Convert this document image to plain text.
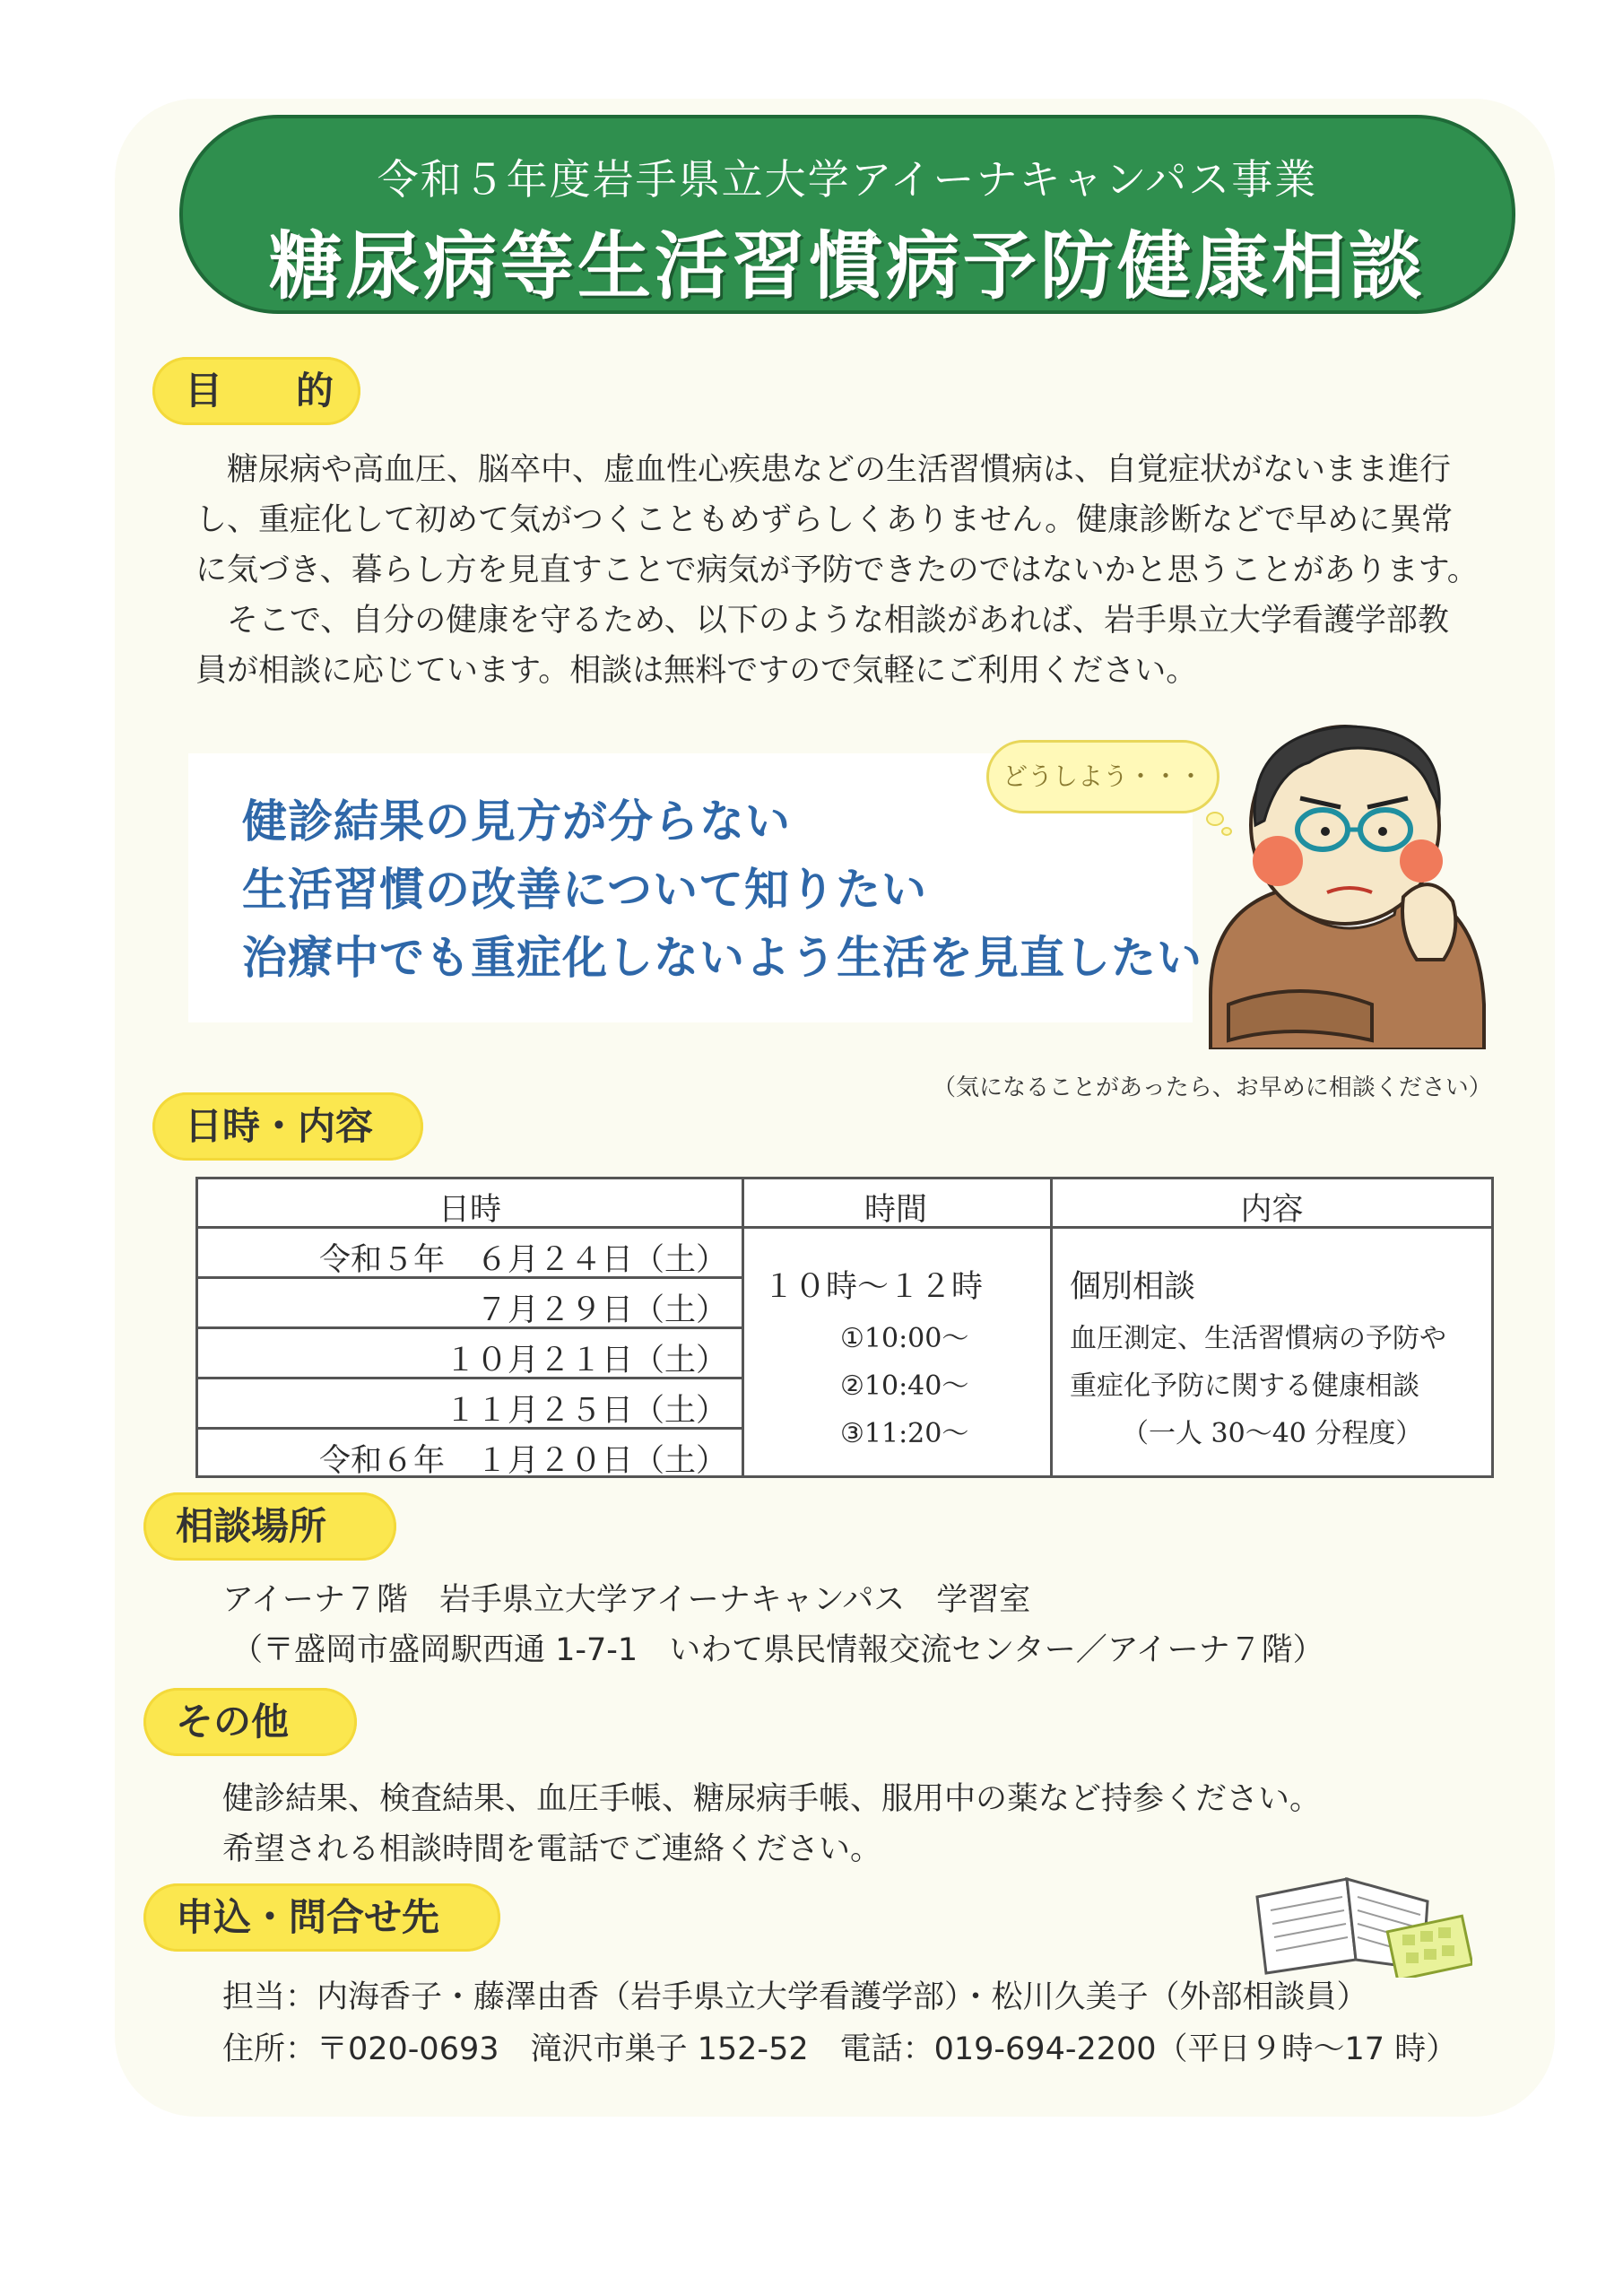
令和５年度岩手県立大学アイーナキャンパス事業
糖尿病等生活習慣病予防健康相談
目　的

糖尿病や高血圧、脳卒中、虚血性心疾患などの生活習慣病は、自覚症状がないまま進行

し、重症化して初めて気がつくこともめずらしくありません。健康診断などで早めに異常

に気づき、暮らし方を見直すことで病気が予防できたのではないかと思うことがあります。

そこで、自分の健康を守るため、以下のような相談があれば、岩手県立大学看護学部教

員が相談に応じています。相談は無料ですので気軽にご利用ください。

健診結果の見方が分らない
生活習慣の改善について知りたい
治療中でも重症化しないよう生活を見直したい
どうしよう・・・
（気になることがあったら、お早めに相談ください）
日時・内容
日時	時間	内容
令和５年　６月２４日（土）
７月２９日（土）
１０月２１日（土）
１１月２５日（土）
令和６年　１月２０日（土）
１０時～１２時
①10:00～
②10:40～
③11:20～
個別相談
血圧測定、生活習慣病の予防や
重症化予防に関する健康相談
（一人 30～40 分程度）
相談場所

アイーナ７階　岩手県立大学アイーナキャンパス　学習室

（〒盛岡市盛岡駅西通 1-7-1　いわて県民情報交流センター／アイーナ７階）

その他

健診結果、検査結果、血圧手帳、糖尿病手帳、服用中の薬など持参ください。

希望される相談時間を電話でご連絡ください。

申込・問合せ先

担当：内海香子・藤澤由香（岩手県立大学看護学部）・松川久美子（外部相談員）

住所：〒020-0693　滝沢市巣子 152-52　電話：019-694-2200（平日９時～17 時）
